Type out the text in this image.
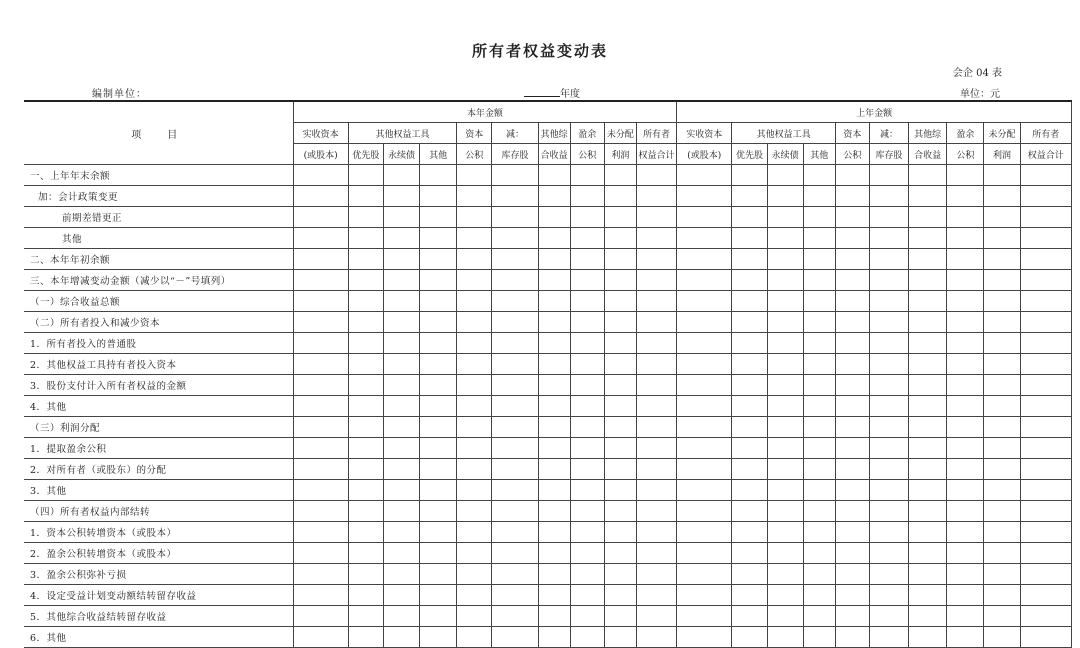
所有者权益变动表
会企 04 表
编制单位：	年度	单位：元
项　目	本年金额										上年金额									
	实收资本	其他权益工具			资本	减：	其他综	盈余	未分配	所有者	实收资本	其他权益工具			资本	减：	其他综	盈余	未分配	所有者
	(或股本)	优先股	永续债	其他	公积	库存股	合收益	公积	利润	权益合计	(或股本)	优先股	永续债	其他	公积	库存股	合收益	公积	利润	权益合计
一、上年年末余额																				
加：会计政策变更																				
前期差错更正																				
其他																				
二、本年年初余额																				
三、本年增减变动金额（减少以“－”号填列）																				
（一）综合收益总额																				
（二）所有者投入和减少资本																				
1．所有者投入的普通股																				
2．其他权益工具持有者投入资本																				
3．股份支付计入所有者权益的金额																				
4．其他																				
（三）利润分配																				
1．提取盈余公积																				
2．对所有者（或股东）的分配																				
3．其他																				
（四）所有者权益内部结转																				
1．资本公积转增资本（或股本）																				
2．盈余公积转增资本（或股本）																				
3．盈余公积弥补亏损																				
4．设定受益计划变动额结转留存收益																				
5．其他综合收益结转留存收益																				
6．其他																				
